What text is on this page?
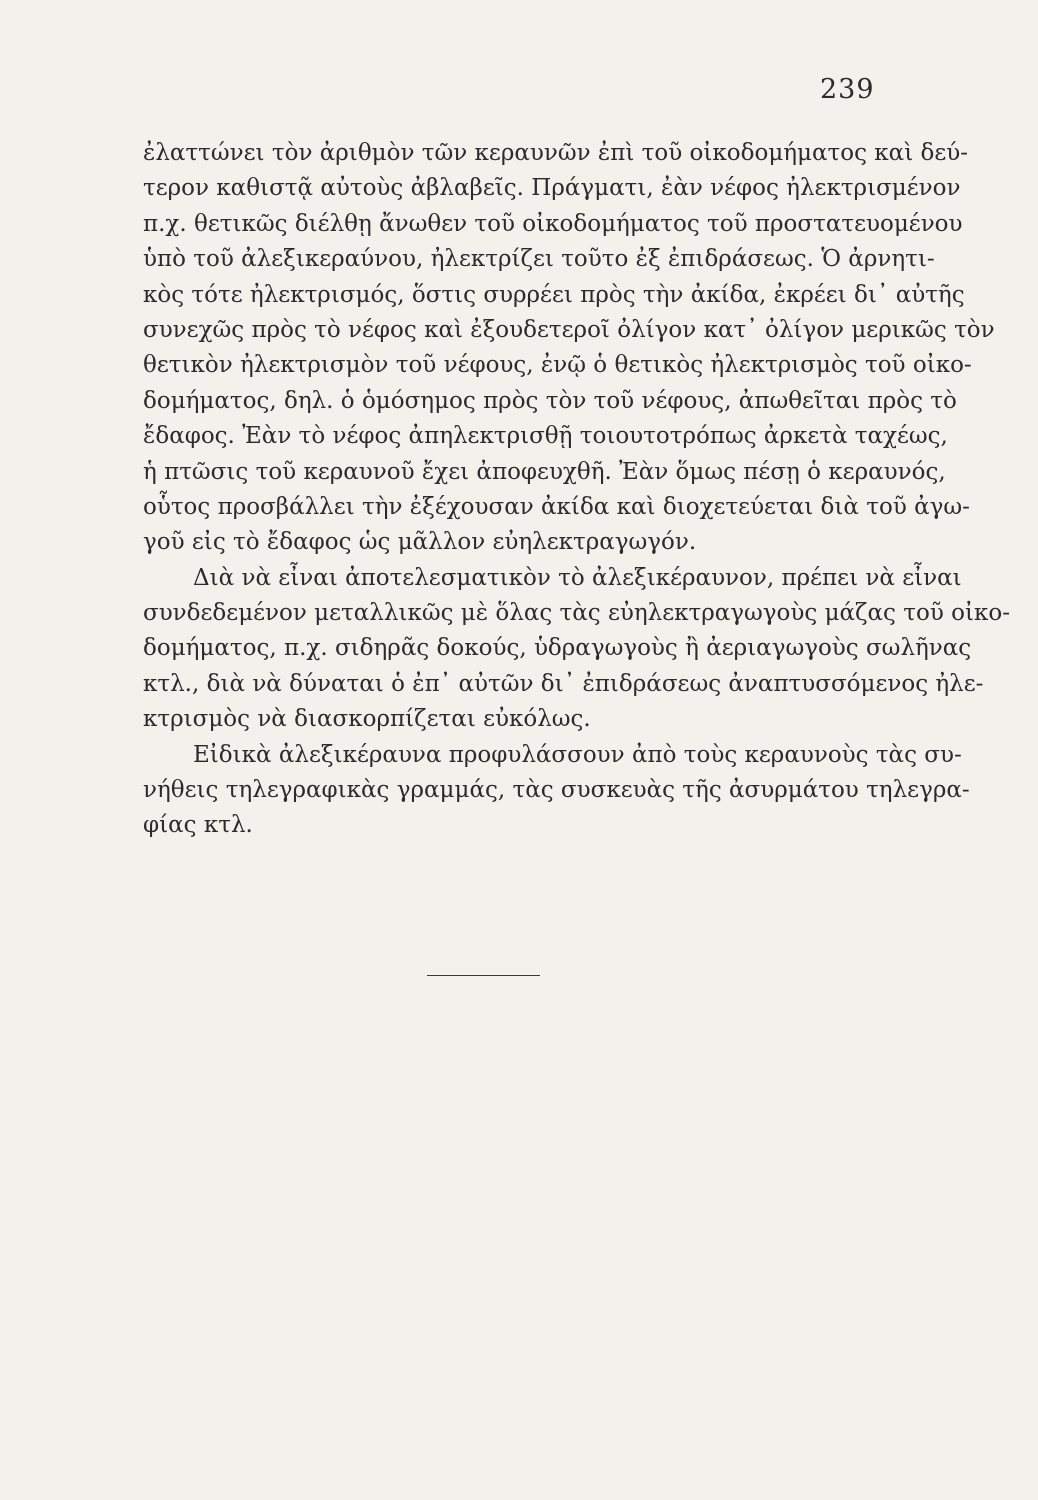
239
ἐλαττώνει τὸν ἀριθμὸν τῶν κεραυνῶν ἐπὶ τοῦ οἰκοδομήματος καὶ δεύ-
τερον καθιστᾷ αὐτοὺς ἀβλαβεῖς. Πράγματι, ἐὰν νέφος ἠλεκτρισμένον
π.χ. θετικῶς διέλθῃ ἄνωθεν τοῦ οἰκοδομήματος τοῦ προστατευομένου
ὑπὸ τοῦ ἀλεξικεραύνου, ἠλεκτρίζει τοῦτο ἐξ ἐπιδράσεως. Ὁ ἀρνητι-
κὸς τότε ἠλεκτρισμός, ὅστις συρρέει πρὸς τὴν ἀκίδα, ἐκρέει δι᾿ αὐτῆς
συνεχῶς πρὸς τὸ νέφος καὶ ἐξουδετεροῖ ὀλίγον κατ᾿ ὀλίγον μερικῶς τὸν
θετικὸν ἠλεκτρισμὸν τοῦ νέφους, ἐνῷ ὁ θετικὸς ἠλεκτρισμὸς τοῦ οἰκο-
δομήματος, δηλ. ὁ ὁμόσημος πρὸς τὸν τοῦ νέφους, ἀπωθεῖται πρὸς τὸ
ἔδαφος. Ἐὰν τὸ νέφος ἀπηλεκτρισθῇ τοιουτοτρόπως ἀρκετὰ ταχέως,
ἡ πτῶσις τοῦ κεραυνοῦ ἔχει ἀποφευχθῆ. Ἐὰν ὅμως πέσῃ ὁ κεραυνός,
οὗτος προσβάλλει τὴν ἐξέχουσαν ἀκίδα καὶ διοχετεύεται διὰ τοῦ ἀγω-
γοῦ εἰς τὸ ἔδαφος ὡς μᾶλλον εὐηλεκτραγωγόν.
Διὰ νὰ εἶναι ἀποτελεσματικὸν τὸ ἀλεξικέραυνον, πρέπει νὰ εἶναι
συνδεδεμένον μεταλλικῶς μὲ ὅλας τὰς εὐηλεκτραγωγοὺς μάζας τοῦ οἰκο-
δομήματος, π.χ. σιδηρᾶς δοκούς, ὑδραγωγοὺς ἢ ἀεριαγωγοὺς σωλῆνας
κτλ., διὰ νὰ δύναται ὁ ἐπ᾿ αὐτῶν δι᾿ ἐπιδράσεως ἀναπτυσσόμενος ἠλε-
κτρισμὸς νὰ διασκορπίζεται εὐκόλως.
Εἰδικὰ ἀλεξικέραυνα προφυλάσσουν ἀπὸ τοὺς κεραυνοὺς τὰς συ-
νήθεις τηλεγραφικὰς γραμμάς, τὰς συσκευὰς τῆς ἀσυρμάτου τηλεγρα-
φίας κτλ.
